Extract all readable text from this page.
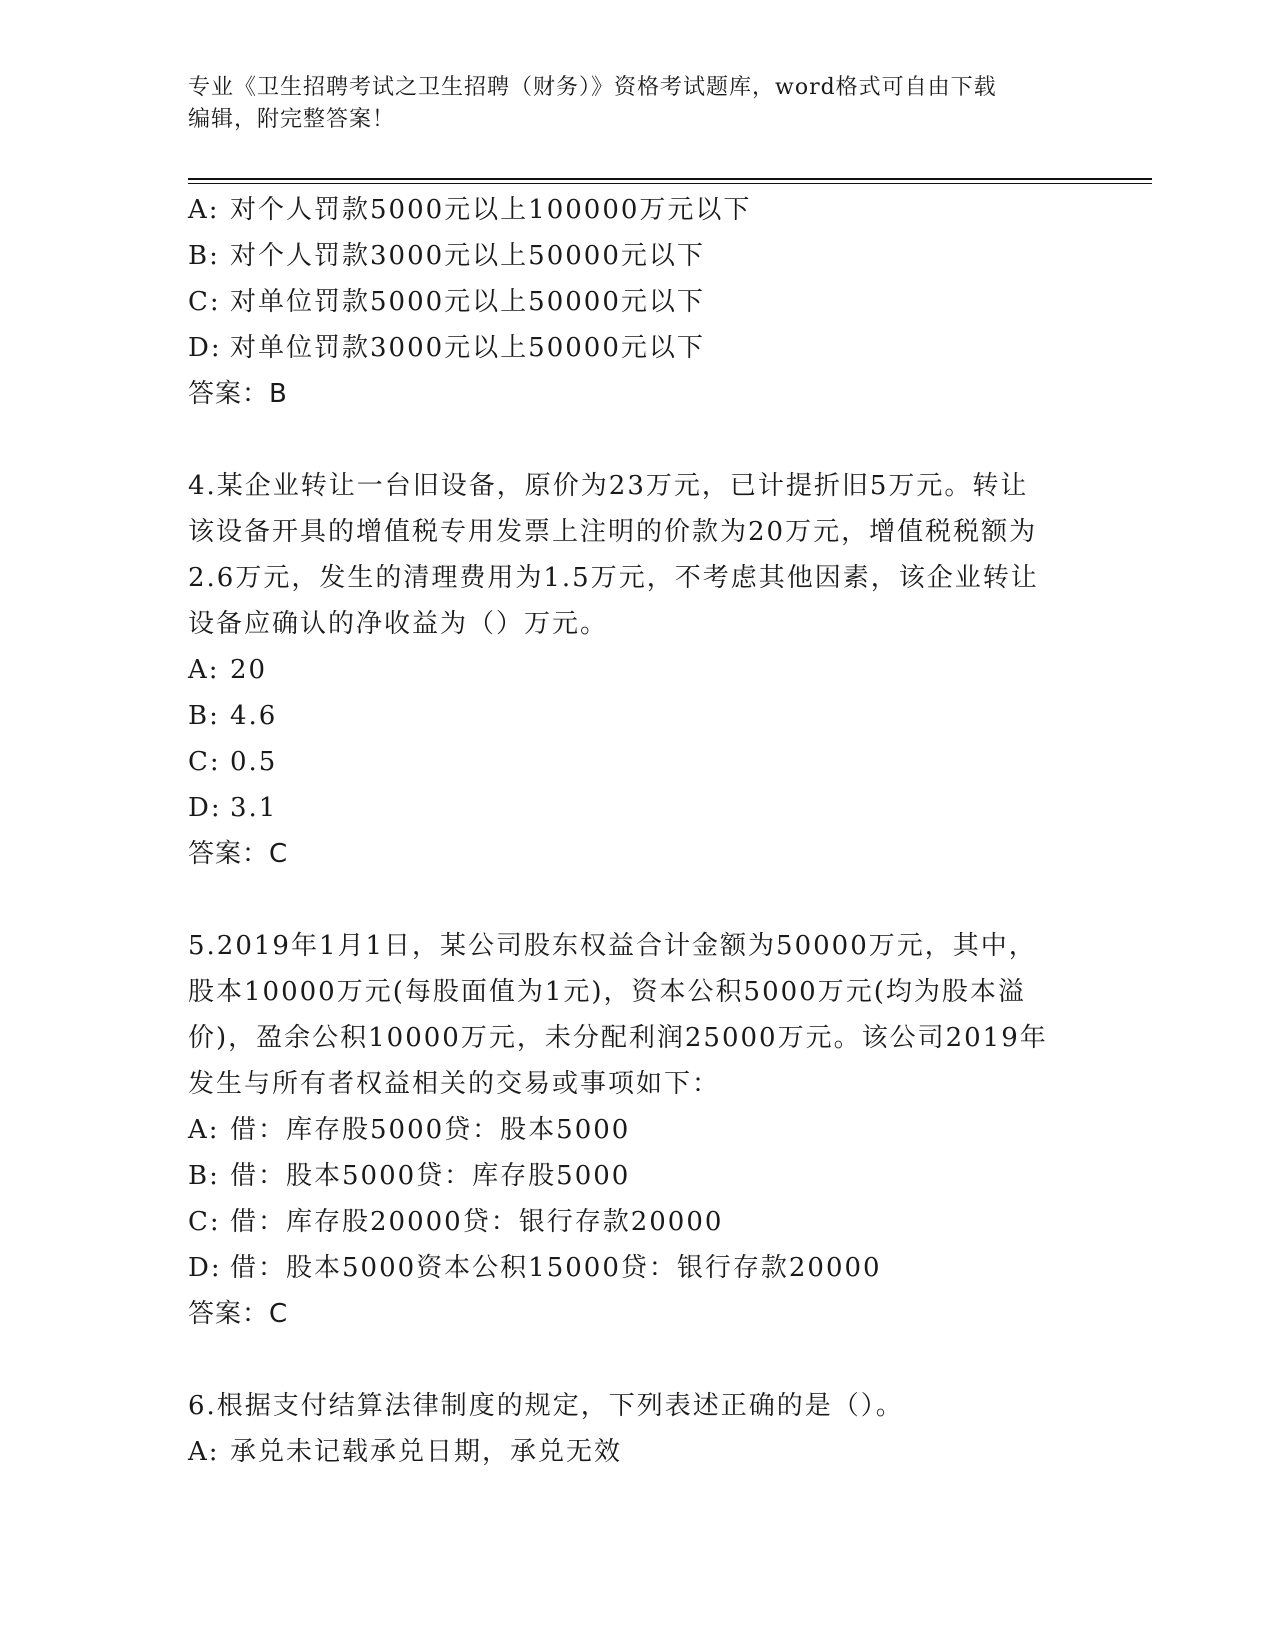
专业《卫生招聘考试之卫生招聘（财务）》资格考试题库，word格式可自由下载
编辑，附完整答案！
A: 对个人罚款5000元以上100000万元以下
B: 对个人罚款3000元以上50000元以下
C: 对单位罚款5000元以上50000元以下
D: 对单位罚款3000元以上50000元以下
答案：B
4.某企业转让一台旧设备，原价为23万元，已计提折旧5万元。转让
该设备开具的增值税专用发票上注明的价款为20万元，增值税税额为
2.6万元，发生的清理费用为1.5万元，不考虑其他因素，该企业转让
设备应确认的净收益为（）万元。
A: 20
B: 4.6
C: 0.5
D: 3.1
答案：C
5.2019年1月1日，某公司股东权益合计金额为50000万元，其中，
股本10000万元(每股面值为1元)，资本公积5000万元(均为股本溢
价)，盈余公积10000万元，未分配利润25000万元。该公司2019年
发生与所有者权益相关的交易或事项如下：
A: 借：库存股5000贷：股本5000
B: 借：股本5000贷：库存股5000
C: 借：库存股20000贷：银行存款20000
D: 借：股本5000资本公积15000贷：银行存款20000
答案：C
6.根据支付结算法律制度的规定，下列表述正确的是（）。
A: 承兑未记载承兑日期，承兑无效
